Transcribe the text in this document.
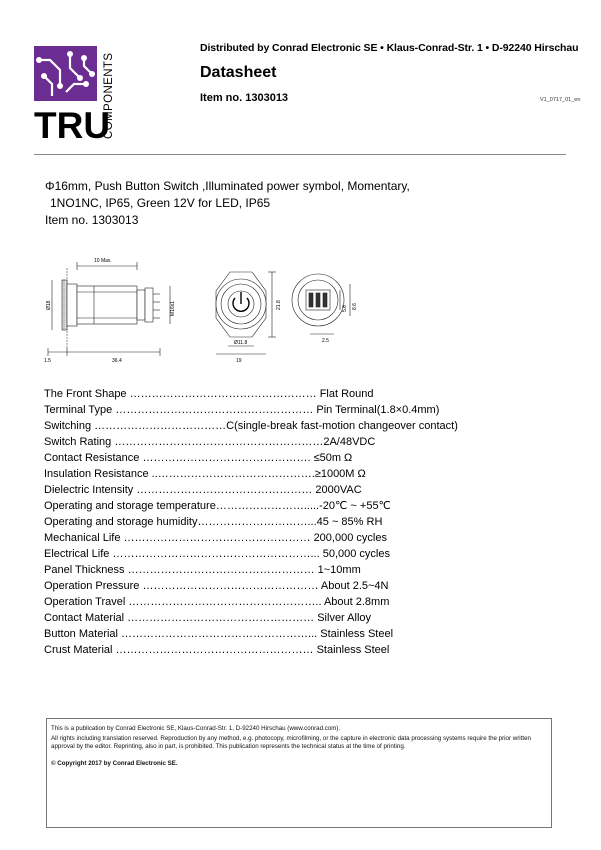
TRU
COMPONENTS
Distributed by Conrad Electronic SE • Klaus-Conrad-Str. 1 • D-92240 Hirschau
Datasheet
Item no. 1303013	V1_0717_01_en
Φ16mm, Push Button Switch ,Illuminated power symbol, Momentary,
1NO1NC, IP65, Green 12V for LED, IP65
Item no. 1303013
10 Max.
Ø18	M16x1
1.5	36.4
21.8
Ø11.8
19
5.6 8.6
2.5
The Front Shape …………………………………………… Flat Round
Terminal Type ……………………………………………… Pin Terminal(1.8×0.4mm)
Switching ………………………………C(single-break fast-motion changeover contact)
Switch Rating …………………………………………………2A/48VDC
Contact Resistance ………………………………………. ≤50m Ω
Insulation Resistance ..…………………………………….≥1000M Ω
Dielectric Intensity ………………………………………… 2000VAC
Operating and storage temperature…………………….....-20℃ ~ +55℃
Operating and storage humidity…………………………...45 ~ 85% RH
Mechanical Life …………………………………………… 200,000 cycles
Electrical Life ………………………………………………... 50,000 cycles
Panel Thickness …………………………………………… 1~10mm
Operation Pressure ………………………………………… About 2.5~4N
Operation Travel …………………………………………….. About 2.8mm
Contact Material …………………………………………… Silver Alloy
Button Material ……………………………………………... Stainless Steel
Crust Material ……………………………………………… Stainless Steel

This is a publication by Conrad Electronic SE, Klaus-Conrad-Str. 1, D-92240 Hirschau (www.conrad.com).

All rights including translation reserved. Reproduction by any method, e.g. photocopy, microfilming, or the capture in electronic data processing systems require the prior written approval by the editor. Reprinting, also in part, is prohibited. This publication represents the technical status at the time of printing.

© Copyright 2017 by Conrad Electronic SE.
